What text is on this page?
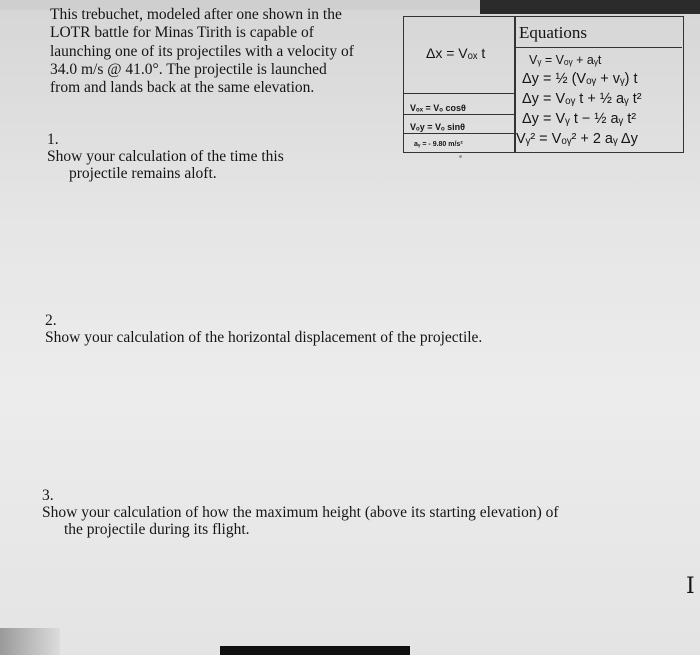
This trebuchet, modeled after one shown in the
LOTR battle for Minas Tirith is capable of
launching one of its projectiles with a velocity of
34.0 m/s @ 41.0°. The projectile is launched
from and lands back at the same elevation.
Δx = Vₒₓ t
Vₒₓ = Vₒ cosθ
Vₒy = Vₒ sinθ
aᵧ = - 9.80 m/s²
Equations
Vᵧ = Vₒᵧ + aᵧt
Δy = ½ (Vₒᵧ + vᵧ) t
Δy = Vₒᵧ t + ½ aᵧ t²
Δy = Vᵧ t − ½ aᵧ t²
Vᵧ² = Vₒᵧ² + 2 aᵧ Δy
1.
Show your calculation of the time this
projectile remains aloft.
2.
Show your calculation of the horizontal displacement of the projectile.
3.
Show your calculation of how the maximum height (above its starting elevation) of
the projectile during its flight.
I
